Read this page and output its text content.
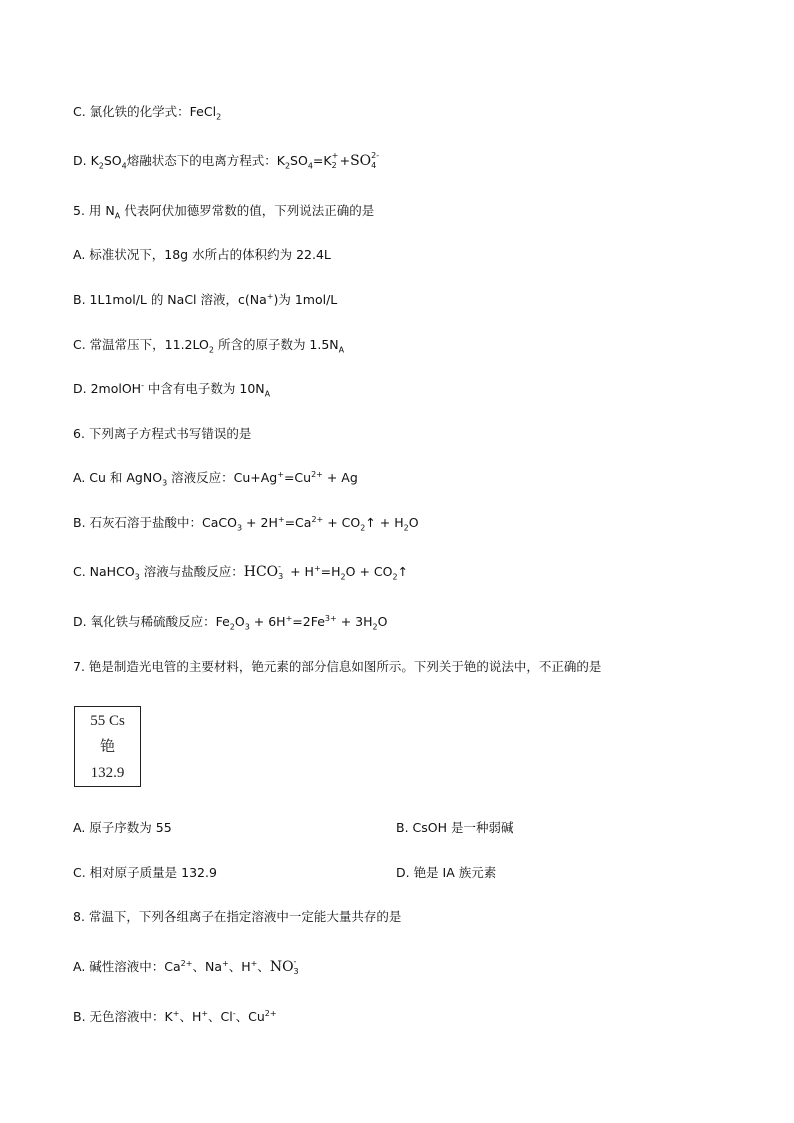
C. 氯化铁的化学式：FeCl$_2$
D. $K_2SO_4$熔融状态下的电离方程式：$K_2SO_4=K$ +
2 +SO 2-
4
5. 用 $N_A$ 代表阿伏加德罗常数的值，下列说法正确的是
A. 标准状况下，18g 水所占的体积约为 22.4L
B. 1L1mol/L 的 NaCl 溶液，c(Na+)为 1mol/L
C. 常温常压下，$11.2LO_2$ 所含的原子数为 $1.5N_A$
D. 2molOH- 中含有电子数为 $10N_A$
6. 下列离子方程式书写错误的是
A. Cu 和 AgNO$_3$ 溶液反应：$Cu+Ag^+=Cu^{2+} + Ag$
B. 石灰石溶于盐酸中：CaCO$_3$ + $2H^+=Ca^{2+}$ + $CO_2↑ + H_2O$
C. NaHCO$_3$ 溶液与盐酸反应：HCO -
$3 + H^+=H_2O$ + $CO_2↑$
D. 氧化铁与稀硫酸反应：$Fe_2O_3 + 6H^+=2Fe^{3+} + 3H_2O$
7. 铯是制造光电管的主要材料，铯元素的部分信息如图所示。下列关于铯的说法中，不正确的是
55 Cs
铯
132.9
A. 原子序数为 55	B. CsOH 是一种弱碱
C. 相对原子质量是 132.9	D. 铯是 IA 族元素
8. 常温下，下列各组离子在指定溶液中一定能大量共存的是
A. 碱性溶液中：$Ca^{2+}$、Na+、H+、NO -
3
B. 无色溶液中：K+、H+、Cl-、$Cu^{2+}$
